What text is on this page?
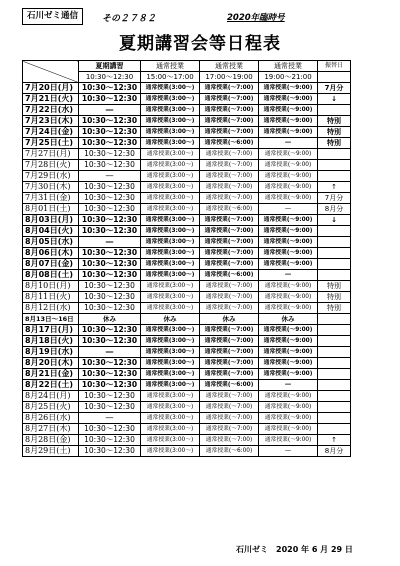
石川ゼミ通信	その２７８２	2020年臨時号
夏期講習会等日程表
	夏期講習	通常授業	通常授業	通常授業	振替日
	10:30～12:30	15:00～17:00	17:00～19:00	19:00～21:00	
7月20日(月)	10:30～12:30	通常授業(3:00～)	通常授業(～7:00)	通常授業(～9:00)	7月分
7月21日(火)	10:30～12:30	通常授業(3:00～)	通常授業(～7:00)	通常授業(～9:00)	↓
7月22日(水)	―	通常授業(3:00～)	通常授業(～7:00)	通常授業(～9:00)	
7月23日(木)	10:30～12:30	通常授業(3:00～)	通常授業(～7:00)	通常授業(～9:00)	特別
7月24日(金)	10:30～12:30	通常授業(3:00～)	通常授業(～7:00)	通常授業(～9:00)	特別
7月25日(土)	10:30～12:30	通常授業(3:00～)	通常授業(～6:00)	―	特別
7月27日(月)	10:30～12:30	通常授業(3:00～)	通常授業(～7:00)	通常授業(～9:00)	
7月28日(火)	10:30～12:30	通常授業(3:00～)	通常授業(～7:00)	通常授業(～9:00)	
7月29日(水)	―	通常授業(3:00～)	通常授業(～7:00)	通常授業(～9:00)	
7月30日(木)	10:30～12:30	通常授業(3:00～)	通常授業(～7:00)	通常授業(～9:00)	↑
7月31日(金)	10:30～12:30	通常授業(3:00～)	通常授業(～7:00)	通常授業(～9:00)	7月分
8月01日(土)	10:30～12:30	通常授業(3:00～)	通常授業(～6:00)	―	8月分
8月03日(月)	10:30～12:30	通常授業(3:00～)	通常授業(～7:00)	通常授業(～9:00)	↓
8月04日(火)	10:30～12:30	通常授業(3:00～)	通常授業(～7:00)	通常授業(～9:00)	
8月05日(水)	―	通常授業(3:00～)	通常授業(～7:00)	通常授業(～9:00)	
8月06日(木)	10:30～12:30	通常授業(3:00～)	通常授業(～7:00)	通常授業(～9:00)	
8月07日(金)	10:30～12:30	通常授業(3:00～)	通常授業(～7:00)	通常授業(～9:00)	
8月08日(土)	10:30～12:30	通常授業(3:00～)	通常授業(～6:00)	―	
8月10日(月)	10:30～12:30	通常授業(3:00～)	通常授業(～7:00)	通常授業(～9:00)	特別
8月11日(火)	10:30～12:30	通常授業(3:00～)	通常授業(～7:00)	通常授業(～9:00)	特別
8月12日(水)	10:30～12:30	通常授業(3:00～)	通常授業(～7:00)	通常授業(～9:00)	特別
8月13日～16日	休み	休み	休み	休み	
8月17日(月)	10:30～12:30	通常授業(3:00～)	通常授業(～7:00)	通常授業(～9:00)	
8月18日(火)	10:30～12:30	通常授業(3:00～)	通常授業(～7:00)	通常授業(～9:00)	
8月19日(水)	―	通常授業(3:00～)	通常授業(～7:00)	通常授業(～9:00)	
8月20日(木)	10:30～12:30	通常授業(3:00～)	通常授業(～7:00)	通常授業(～9:00)	
8月21日(金)	10:30～12:30	通常授業(3:00～)	通常授業(～7:00)	通常授業(～9:00)	
8月22日(土)	10:30～12:30	通常授業(3:00～)	通常授業(～6:00)	―	
8月24日(月)	10:30～12:30	通常授業(3:00～)	通常授業(～7:00)	通常授業(～9:00)	
8月25日(火)	10:30～12:30	通常授業(3:00～)	通常授業(～7:00)	通常授業(～9:00)	
8月26日(水)	―	通常授業(3:00～)	通常授業(～7:00)	通常授業(～9:00)	
8月27日(木)	10:30～12:30	通常授業(3:00～)	通常授業(～7:00)	通常授業(～9:00)	
8月28日(金)	10:30～12:30	通常授業(3:00～)	通常授業(～7:00)	通常授業(～9:00)	↑
8月29日(土)	10:30～12:30	通常授業(3:00～)	通常授業(～6:00)	―	8月分
石川ゼミ　2020 年 6 月 29 日
